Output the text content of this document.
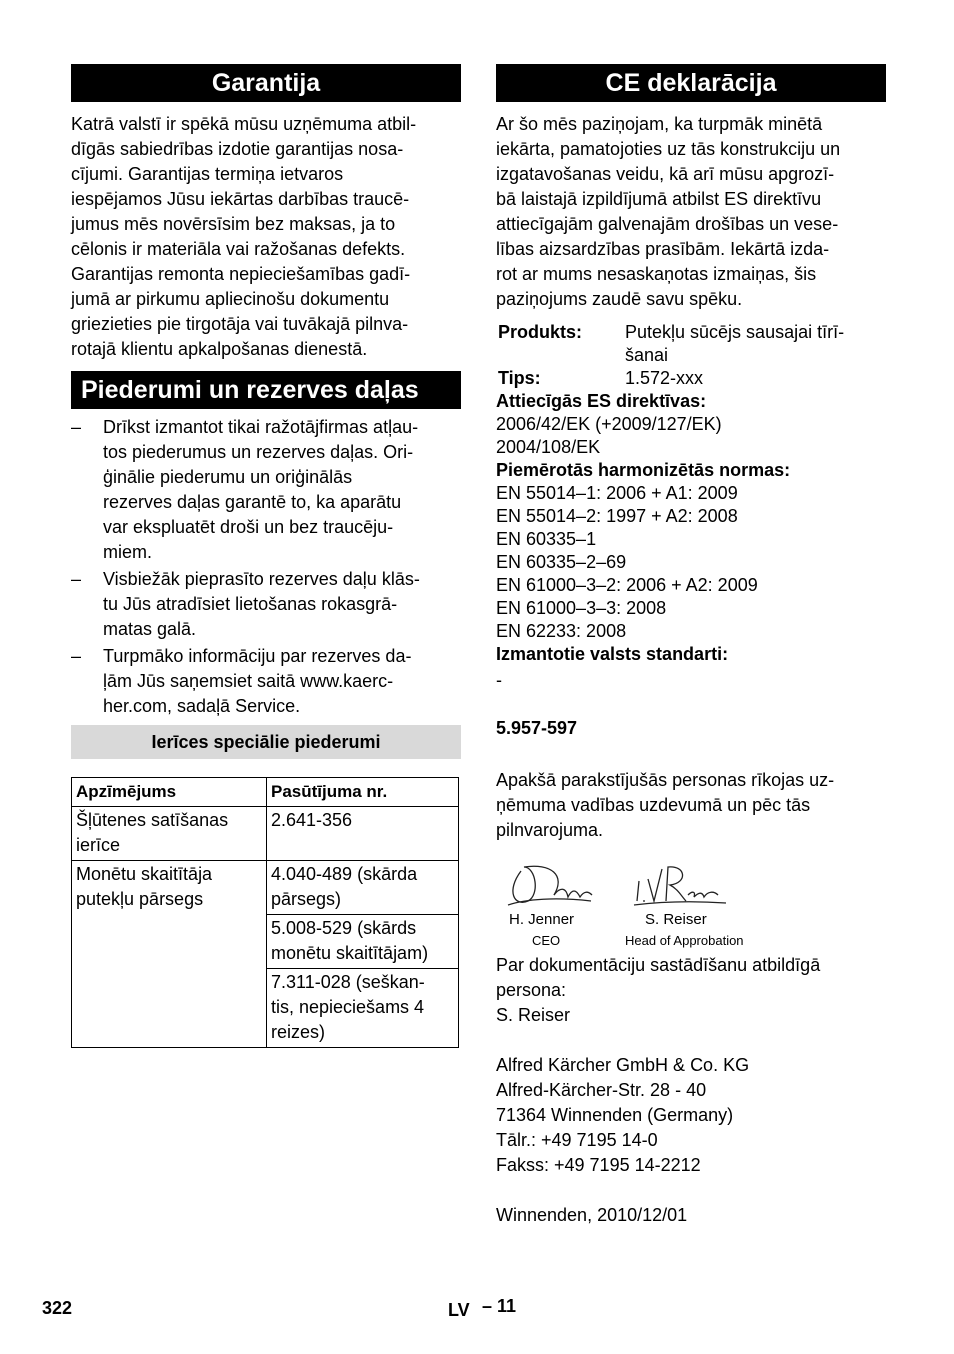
Garantija
Katrā valstī ir spēkā mūsu uzņēmuma atbil-
dīgās sabiedrības izdotie garantijas nosa-
cījumi. Garantijas termiņa ietvaros
iespējamos Jūsu iekārtas darbības traucē-
jumus mēs novērsīsim bez maksas, ja to
cēlonis ir materiāla vai ražošanas defekts.
Garantijas remonta nepieciešamības gadī-
jumā ar pirkumu apliecinošu dokumentu
griezieties pie tirgotāja vai tuvākajā pilnva-
rotajā klientu apkalpošanas dienestā.
Piederumi un rezerves daļas
– Drīkst izmantot tikai ražotājfirmas atļau-
tos piederumus un rezerves daļas. Ori-
ģinālie piederumu un oriģinālās
rezerves daļas garantē to, ka aparātu
var ekspluatēt droši un bez traucēju-
miem.
– Visbiežāk pieprasīto rezerves daļu klās-
tu Jūs atradīsiet lietošanas rokasgrā-
matas galā.
– Turpmāko informāciju par rezerves da-
ļām Jūs saņemsiet saitā www.kaerc-
her.com, sadaļā Service.
Ierīces speciālie piederumi
Apzīmējums	Pasūtījuma nr.

Šļūtenes satīšanas
ierīce	2.641-356

Monētu skaitītāja
putekļu pārsegs	4.040-489 (skārda
pārsegs)

	5.008-529 (skārds
monētu skaitītājam)

	7.311-028 (seškan-
tis, nepieciešams 4
reizes)
CE deklarācija
Ar šo mēs paziņojam, ka turpmāk minētā
iekārta, pamatojoties uz tās konstrukciju un
izgatavošanas veidu, kā arī mūsu apgrozī-
bā laistajā izpildījumā atbilst ES direktīvu
attiecīgajām galvenajām drošības un vese-
lības aizsardzības prasībām. Iekārtā izda-
rot ar mums nesaskaņotas izmaiņas, šis
paziņojums zaudē savu spēku.
Produkts:	Putekļu sūcējs sausajai tīrī-
šanai
Tips:	1.572-xxx
Attiecīgās ES direktīvas:
2006/42/EK (+2009/127/EK)
2004/108/EK
Piemērotās harmonizētās normas:
EN 55014–1: 2006 + A1: 2009
EN 55014–2: 1997 + A2: 2008
EN 60335–1
EN 60335–2–69
EN 61000–3–2: 2006 + A2: 2009
EN 61000–3–3: 2008
EN 62233: 2008
Izmantotie valsts standarti:
-
5.957-597
Apakšā parakstījušās personas rīkojas uz-
ņēmuma vadības uzdevumā un pēc tās
pilnvarojuma.
H. Jenner
CEO
S. Reiser
Head of Approbation
Par dokumentāciju sastādīšanu atbildīgā
persona:
S. Reiser
Alfred Kärcher GmbH & Co. KG
Alfred-Kärcher-Str. 28 - 40
71364 Winnenden (Germany)
Tālr.: +49 7195 14-0
Fakss: +49 7195 14-2212
Winnenden, 2010/12/01
322	LV – 11
